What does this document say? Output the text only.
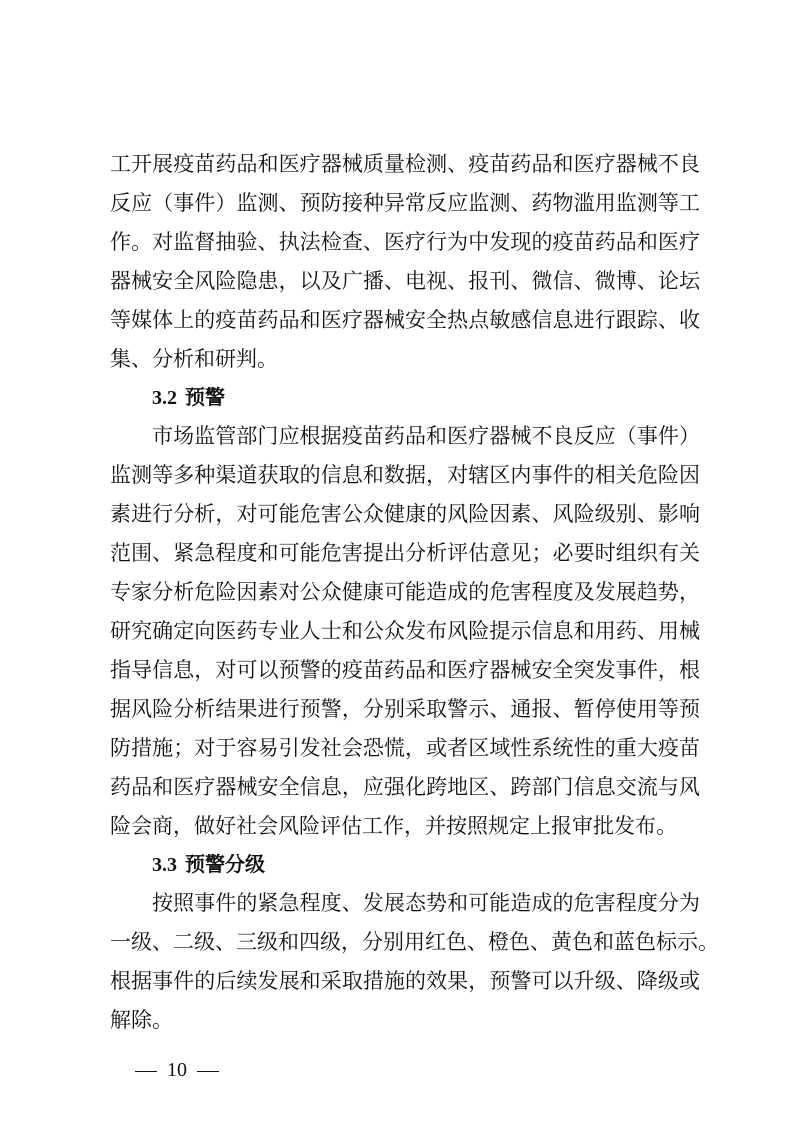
工开展疫苗药品和医疗器械质量检测、疫苗药品和医疗器械不良
反应（事件）监测、预防接种异常反应监测、药物滥用监测等工
作。对监督抽验、执法检查、医疗行为中发现的疫苗药品和医疗
器械安全风险隐患，以及广播、电视、报刊、微信、微博、论坛
等媒体上的疫苗药品和医疗器械安全热点敏感信息进行跟踪、收
集、分析和研判。
3.2 预警
市场监管部门应根据疫苗药品和医疗器械不良反应（事件）
监测等多种渠道获取的信息和数据，对辖区内事件的相关危险因
素进行分析，对可能危害公众健康的风险因素、风险级别、影响
范围、紧急程度和可能危害提出分析评估意见；必要时组织有关
专家分析危险因素对公众健康可能造成的危害程度及发展趋势，
研究确定向医药专业人士和公众发布风险提示信息和用药、用械
指导信息，对可以预警的疫苗药品和医疗器械安全突发事件，根
据风险分析结果进行预警，分别采取警示、通报、暂停使用等预
防措施；对于容易引发社会恐慌，或者区域性系统性的重大疫苗
药品和医疗器械安全信息，应强化跨地区、跨部门信息交流与风
险会商，做好社会风险评估工作，并按照规定上报审批发布。
3.3 预警分级
按照事件的紧急程度、发展态势和可能造成的危害程度分为
一级、二级、三级和四级，分别用红色、橙色、黄色和蓝色标示。
根据事件的后续发展和采取措施的效果，预警可以升级、降级或
解除。
10
